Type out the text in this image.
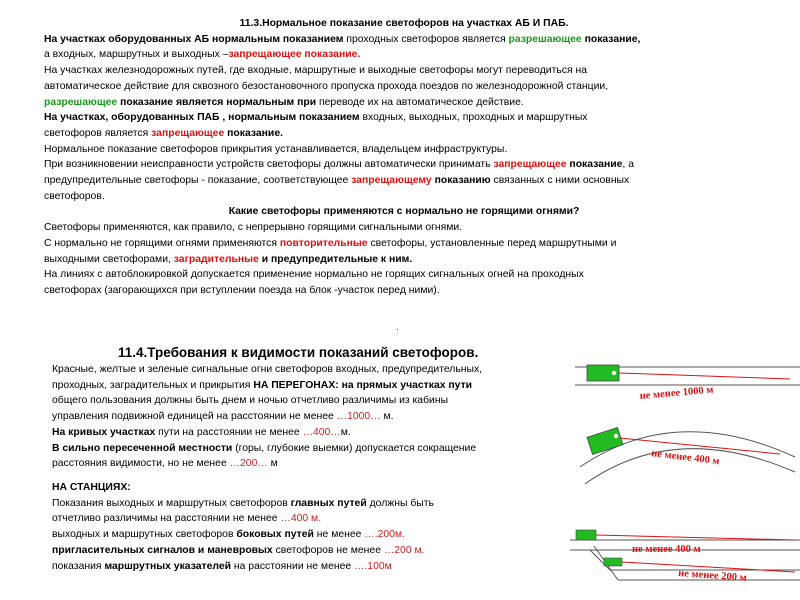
11.3.Нормальное показание светофоров на участках АБ И ПАБ.

На участках оборудованных АБ нормальным показанием проходных светофоров является разрешающее показание,

а входных, маршрутных и выходных –запрещающее показание.

На участках железнодорожных путей, где входные, маршрутные и выходные светофоры могут переводиться на

автоматическое действие для сквозного безостановочного пропуска прохода поездов по железнодорожной станции,

разрешающее показание является нормальным при переводе их на автоматическое действие.

На участках, оборудованных ПАБ , нормальным показанием входных, выходных, проходных и маршрутных

светофоров является запрещающее показание.

Нормальное показание светофоров прикрытия устанавливается, владельцем инфраструктуры.

При возникновении неисправности устройств светофоры должны автоматически принимать запрещающее показание, а

предупредительные светофоры - показание, соответствующее запрещающему показанию связанных с ними основных

светофоров.

Какие светофоры применяются с нормально не горящими огнями?

Светофоры применяются, как правило, с непрерывно горящими сигнальными огнями.

С нормально не горящими огнями применяются повторительные светофоры, установленные перед маршрутными и

выходными светофорами, заградительные и предупредительные к ним.

На линиях с автоблокировкой допускается применение нормально не горящих сигнальных огней на проходных

светофорах (загорающихся при вступлении поезда на блок -участок перед ними).

.
11.4.Требования к видимости показаний светофоров.

Красные, желтые и зеленые сигнальные огни светофоров входных, предупредительных,

проходных, заградительных и прикрытия НА ПЕРЕГОНАХ: на прямых участках пути

общего пользования должны быть днем и ночью отчетливо различимы из кабины

управления подвижной единицей на расстоянии не менее …1000… м.

На кривых участках пути на расстоянии не менее …400…м.

В сильно пересеченной местности (горы, глубокие выемки) допускается сокращение

расстояния видимости, но не менее …200… м

НА СТАНЦИЯХ:

Показания выходных и маршрутных светофоров главных путей должны быть

отчетливо различимы на расстоянии не менее …400 м.

выходных и маршрутных светофоров боковых путей не менее ….200м.

пригласительных сигналов и маневровых светофоров не менее …200 м.

показания маршрутных указателей на расстоянии не менее ….100м

не менее 1000 м
не менее 400 м
не менее 400 м
не менее 200 м
